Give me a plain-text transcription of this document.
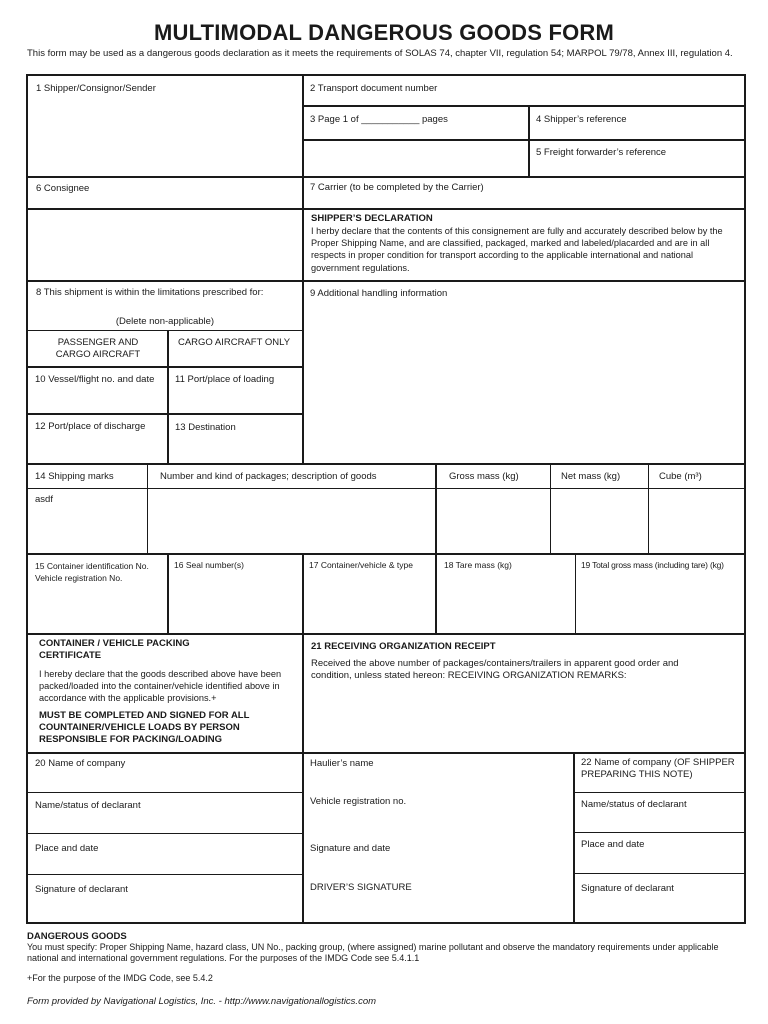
MULTIMODAL DANGEROUS GOODS FORM
This form may be used as a dangerous goods declaration as it meets the requirements of SOLAS 74, chapter VII, regulation 54; MARPOL 79/78, Annex III, regulation 4.
1 Shipper/Consignor/Sender	2 Transport document number
3 Page 1 of ___________ pages	4 Shipper’s reference
5 Freight forwarder’s reference
6 Consignee	7 Carrier (to be completed by the Carrier)
SHIPPER’S DECLARATION
I herby declare that the contents of this consignement are fully and accurately described below by the Proper Shipping Name, and are classified, packaged, marked and labeled/placarded and are in all respects in proper condition for transport according to the applicable international and national government regulations.
8 This shipment is within the limitations prescribed for:
(Delete non-applicable)
PASSENGER AND CARGO AIRCRAFT
CARGO AIRCRAFT ONLY
9 Additional handling information
10 Vessel/flight no. and date 11 Port/place of loading
12 Port/place of discharge	13 Destination
14 Shipping marks	Number and kind of packages; description of goods	Gross mass (kg)	Net mass (kg)	Cube (m³)
asdf
15 Container identification No. Vehicle registration No.
16 Seal number(s)	17 Container/vehicle & type	18 Tare mass (kg)	19 Total gross mass (including tare) (kg)
CONTAINER / VEHICLE PACKING CERTIFICATE
I hereby declare that the goods described above have been packed/loaded into the container/vehicle identified above in accordance with the applicable provisions.+
MUST BE COMPLETED AND SIGNED FOR ALL COUNTAINER/VEHICLE LOADS BY PERSON RESPONSIBLE FOR PACKING/LOADING
21 RECEIVING ORGANIZATION RECEIPT
Received the above number of packages/containers/trailers in apparent good order and condition, unless stated hereon: RECEIVING ORGANIZATION REMARKS:
20 Name of company
Name/status of declarant
Place and date
Signature of declarant
Haulier’s name
Vehicle registration no.
Signature and date
DRIVER’S SIGNATURE
22 Name of company (OF SHIPPER PREPARING THIS NOTE)
Name/status of declarant
Place and date
Signature of declarant
DANGEROUS GOODS
You must specify: Proper Shipping Name, hazard class, UN No., packing group, (where assigned) marine pollutant and observe the mandatory requirements under applicable national and international government regulations. For the purposes of the IMDG Code see 5.4.1.1
+For the purpose of the IMDG Code, see 5.4.2
Form provided by Navigational Logistics, Inc. - http://www.navigationallogistics.com
